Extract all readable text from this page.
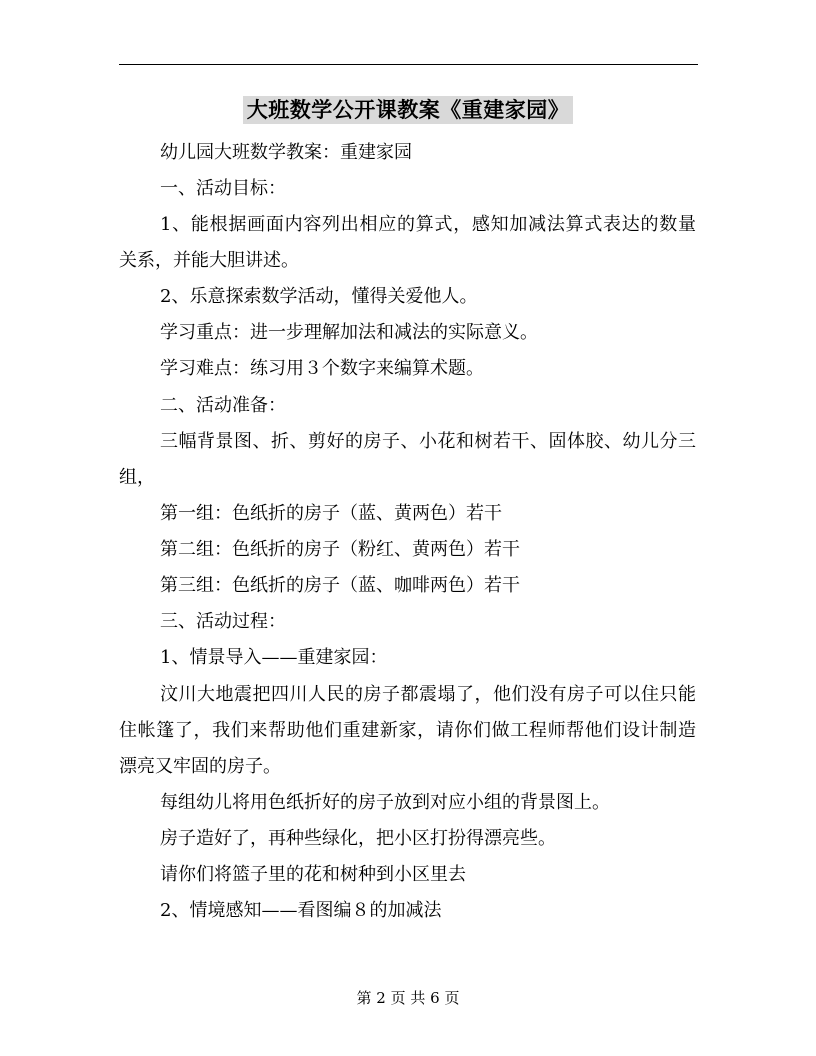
大班数学公开课教案《重建家园》
幼儿园大班数学教案：重建家园
一、活动目标：
1、能根据画面内容列出相应的算式，感知加减法算式表达的数量
关系，并能大胆讲述。
2、乐意探索数学活动，懂得关爱他人。
学习重点：进一步理解加法和减法的实际意义。
学习难点：练习用３个数字来编算术题。
二、活动准备：
三幅背景图、折、剪好的房子、小花和树若干、固体胶、幼儿分三
组，
第一组：色纸折的房子（蓝、黄两色）若干
第二组：色纸折的房子（粉红、黄两色）若干
第三组：色纸折的房子（蓝、咖啡两色）若干
三、活动过程：
1、情景导入——重建家园：
汶川大地震把四川人民的房子都震塌了，他们没有房子可以住只能
住帐篷了，我们来帮助他们重建新家，请你们做工程师帮他们设计制造
漂亮又牢固的房子。
每组幼儿将用色纸折好的房子放到对应小组的背景图上。
房子造好了，再种些绿化，把小区打扮得漂亮些。
请你们将篮子里的花和树种到小区里去
2、情境感知——看图编８的加减法
第 2 页 共 6 页
